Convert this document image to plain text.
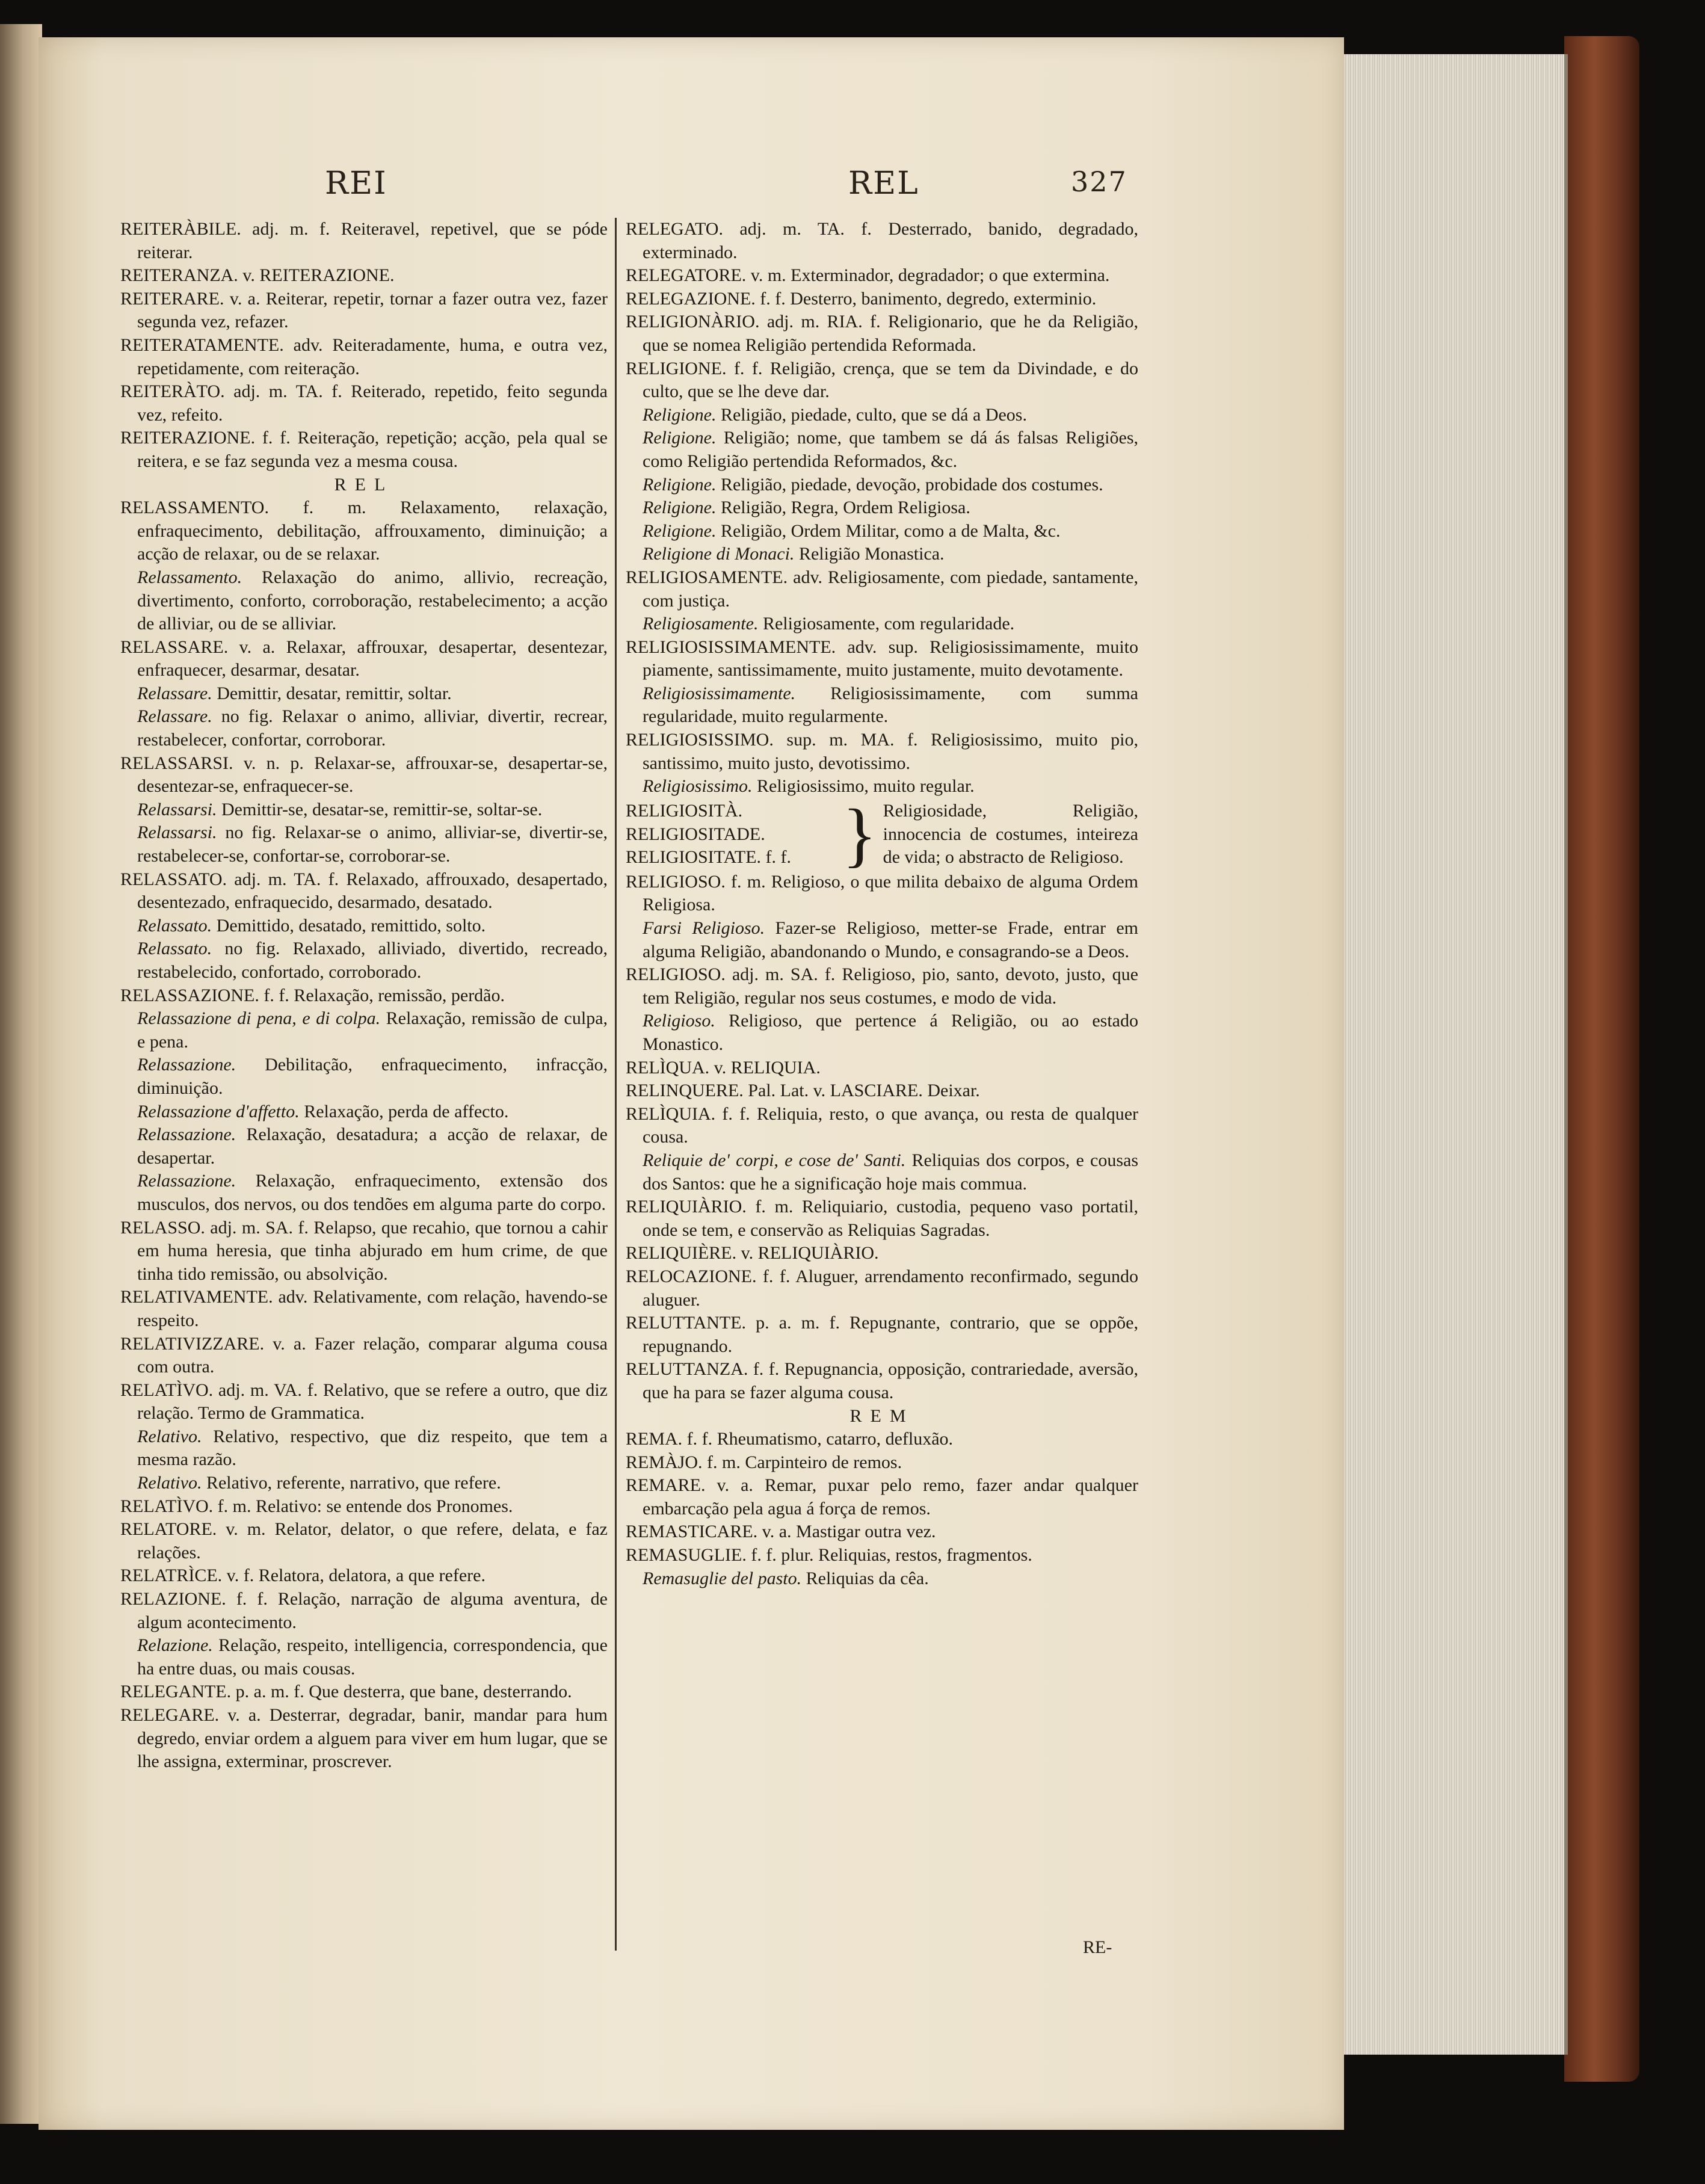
REI	REL	327
REITERÀBILE. adj. m. f. Reiteravel, repetivel, que se póde reiterar.
REITERANZA. v. REITERAZIONE.
REITERARE. v. a. Reiterar, repetir, tornar a fazer outra vez, fazer segunda vez, refazer.
REITERATAMENTE. adv. Reiteradamente, huma, e outra vez, repetidamente, com reiteração.
REITERÀTO. adj. m. TA. f. Reiterado, repetido, feito segunda vez, refeito.
REITERAZIONE. f. f. Reiteração, repetição; acção, pela qual se reitera, e se faz segunda vez a mesma cousa.
REL
RELASSAMENTO. f. m. Relaxamento, relaxação, enfraquecimento, debilitação, affrouxamento, diminuição; a acção de relaxar, ou de se relaxar.
Relassamento. Relaxação do animo, allivio, recreação, divertimento, conforto, corroboração, restabelecimento; a acção de alliviar, ou de se alliviar.
RELASSARE. v. a. Relaxar, affrouxar, desapertar, desentezar, enfraquecer, desarmar, desatar.
Relassare. Demittir, desatar, remittir, soltar.
Relassare. no fig. Relaxar o animo, alliviar, divertir, recrear, restabelecer, confortar, corroborar.
RELASSARSI. v. n. p. Relaxar-se, affrouxar-se, desapertar-se, desentezar-se, enfraquecer-se.
Relassarsi. Demittir-se, desatar-se, remittir-se, soltar-se.
Relassarsi. no fig. Relaxar-se o animo, alliviar-se, divertir-se, restabelecer-se, confortar-se, corroborar-se.
RELASSATO. adj. m. TA. f. Relaxado, affrouxado, desapertado, desentezado, enfraquecido, desarmado, desatado.
Relassato. Demittido, desatado, remittido, solto.
Relassato. no fig. Relaxado, alliviado, divertido, recreado, restabelecido, confortado, corroborado.
RELASSAZIONE. f. f. Relaxação, remissão, perdão.
Relassazione di pena, e di colpa. Relaxação, remissão de culpa, e pena.
Relassazione. Debilitação, enfraquecimento, infracção, diminuição.
Relassazione d'affetto. Relaxação, perda de affecto.
Relassazione. Relaxação, desatadura; a acção de relaxar, de desapertar.
Relassazione. Relaxação, enfraquecimento, extensão dos musculos, dos nervos, ou dos tendões em alguma parte do corpo.
RELASSO. adj. m. SA. f. Relapso, que recahio, que tornou a cahir em huma heresia, que tinha abjurado em hum crime, de que tinha tido remissão, ou absolvição.
RELATIVAMENTE. adv. Relativamente, com relação, havendo-se respeito.
RELATIVIZZARE. v. a. Fazer relação, comparar alguma cousa com outra.
RELATÌVO. adj. m. VA. f. Relativo, que se refere a outro, que diz relação. Termo de Grammatica.
Relativo. Relativo, respectivo, que diz respeito, que tem a mesma razão.
Relativo. Relativo, referente, narrativo, que refere.
RELATÌVO. f. m. Relativo: se entende dos Pronomes.
RELATORE. v. m. Relator, delator, o que refere, delata, e faz relações.
RELATRÌCE. v. f. Relatora, delatora, a que refere.
RELAZIONE. f. f. Relação, narração de alguma aventura, de algum acontecimento.
Relazione. Relação, respeito, intelligencia, correspondencia, que ha entre duas, ou mais cousas.
RELEGANTE. p. a. m. f. Que desterra, que bane, desterrando.
RELEGARE. v. a. Desterrar, degradar, banir, mandar para hum degredo, enviar ordem a alguem para viver em hum lugar, que se lhe assigna, exterminar, proscrever.
RELEGATO. adj. m. TA. f. Desterrado, banido, degradado, exterminado.
RELEGATORE. v. m. Exterminador, degradador; o que extermina.
RELEGAZIONE. f. f. Desterro, banimento, degredo, exterminio.
RELIGIONÀRIO. adj. m. RIA. f. Religionario, que he da Religião, que se nomea Religião pertendida Reformada.
RELIGIONE. f. f. Religião, crença, que se tem da Divindade, e do culto, que se lhe deve dar.
Religione. Religião, piedade, culto, que se dá a Deos.
Religione. Religião; nome, que tambem se dá ás falsas Religiões, como Religião pertendida Reformados, &c.
Religione. Religião, piedade, devoção, probidade dos costumes.
Religione. Religião, Regra, Ordem Religiosa.
Religione. Religião, Ordem Militar, como a de Malta, &c.
Religione di Monaci. Religião Monastica.
RELIGIOSAMENTE. adv. Religiosamente, com piedade, santamente, com justiça.
Religiosamente. Religiosamente, com regularidade.
RELIGIOSISSIMAMENTE. adv. sup. Religiosissimamente, muito piamente, santissimamente, muito justamente, muito devotamente.
Religiosissimamente. Religiosissimamente, com summa regularidade, muito regularmente.
RELIGIOSISSIMO. sup. m. MA. f. Religiosissimo, muito pio, santissimo, muito justo, devotissimo.
Religiosissimo. Religiosissimo, muito regular.
RELIGIOSITÀ.
RELIGIOSITADE.
RELIGIOSITATE. f. f. } Religiosidade, Religião, innocencia de costumes, inteireza de vida; o abstracto de Religioso.
RELIGIOSO. f. m. Religioso, o que milita debaixo de alguma Ordem Religiosa.
Farsi Religioso. Fazer-se Religioso, metter-se Frade, entrar em alguma Religião, abandonando o Mundo, e consagrando-se a Deos.
RELIGIOSO. adj. m. SA. f. Religioso, pio, santo, devoto, justo, que tem Religião, regular nos seus costumes, e modo de vida.
Religioso. Religioso, que pertence á Religião, ou ao estado Monastico.
RELÌQUA. v. RELIQUIA.
RELINQUERE. Pal. Lat. v. LASCIARE. Deixar.
RELÌQUIA. f. f. Reliquia, resto, o que avança, ou resta de qualquer cousa.
Reliquie de' corpi, e cose de' Santi. Reliquias dos corpos, e cousas dos Santos: que he a significação hoje mais commua.
RELIQUIÀRIO. f. m. Reliquiario, custodia, pequeno vaso portatil, onde se tem, e conservão as Reliquias Sagradas.
RELIQUIÈRE. v. RELIQUIÀRIO.
RELOCAZIONE. f. f. Aluguer, arrendamento reconfirmado, segundo aluguer.
RELUTTANTE. p. a. m. f. Repugnante, contrario, que se oppõe, repugnando.
RELUTTANZA. f. f. Repugnancia, opposição, contrariedade, aversão, que ha para se fazer alguma cousa.
REM
REMA. f. f. Rheumatismo, catarro, defluxão.
REMÀJO. f. m. Carpinteiro de remos.
REMARE. v. a. Remar, puxar pelo remo, fazer andar qualquer embarcação pela agua á força de remos.
REMASTICARE. v. a. Mastigar outra vez.
REMASUGLIE. f. f. plur. Reliquias, restos, fragmentos.
Remasuglie del pasto. Reliquias da cêa.
RE-
